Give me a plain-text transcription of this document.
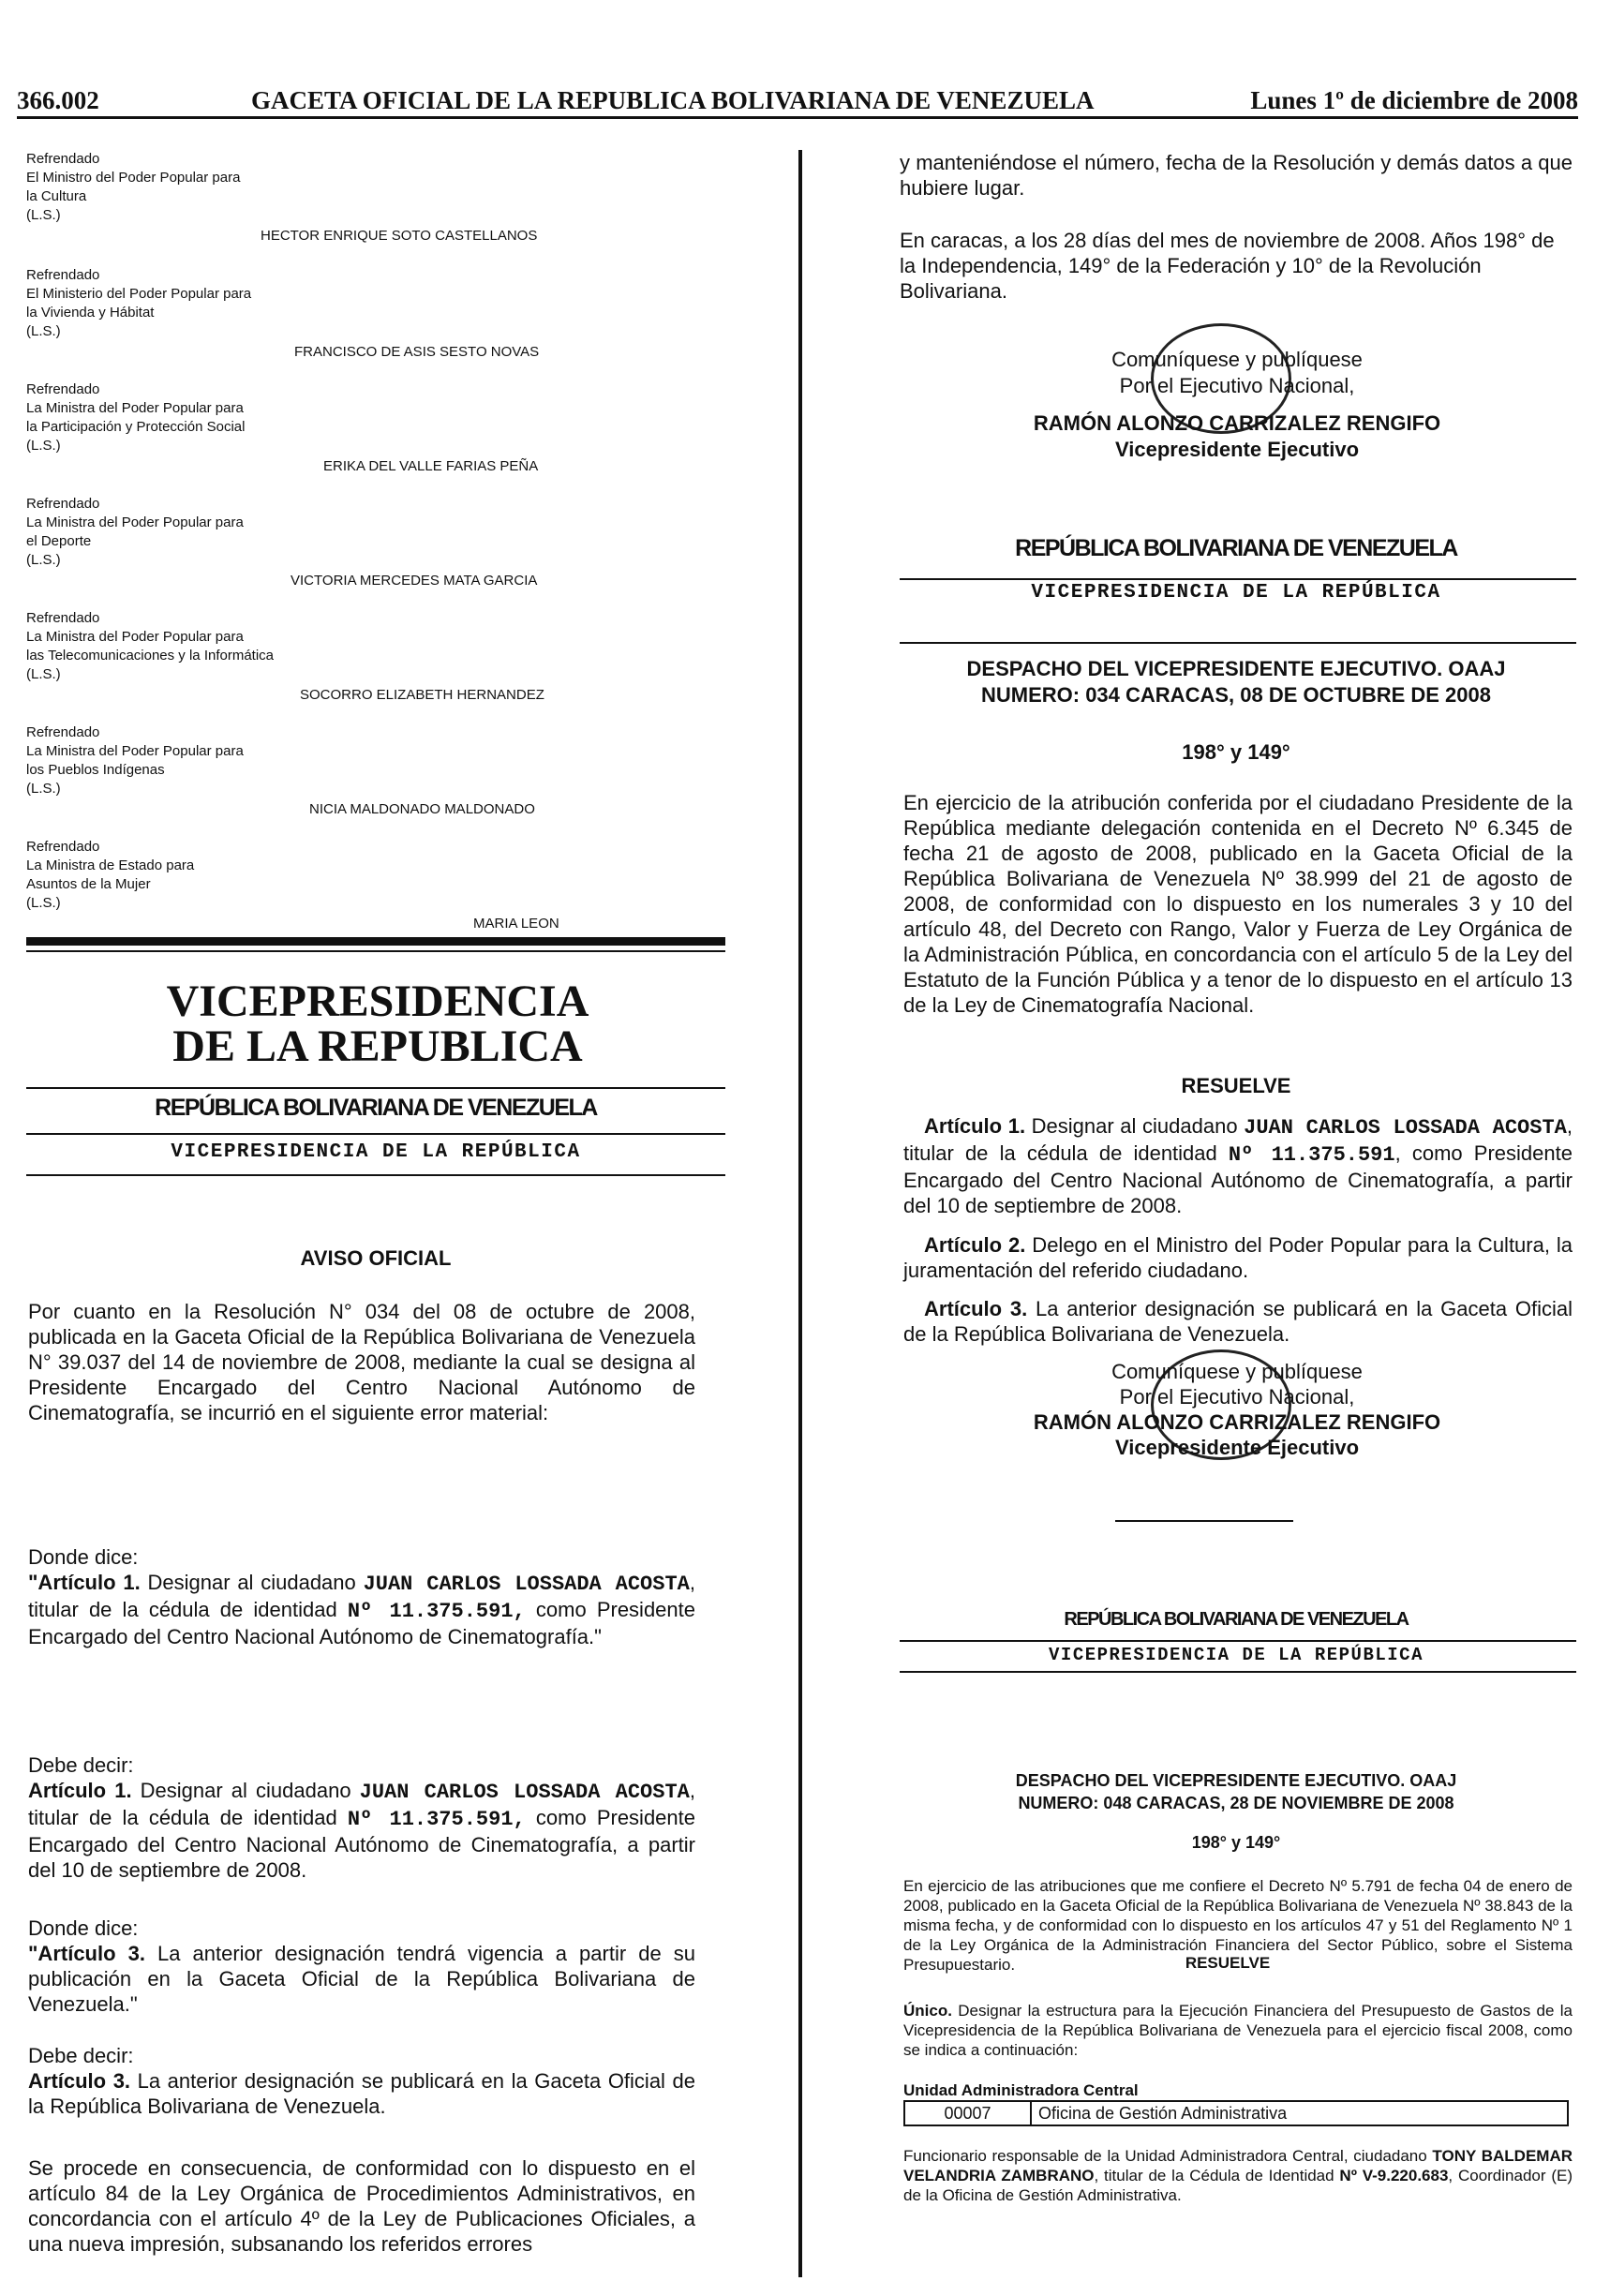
366.002	GACETA OFICIAL DE LA REPUBLICA BOLIVARIANA DE VENEZUELA	Lunes 1º de diciembre de 2008
Refrendado
El Ministro del Poder Popular para
la Cultura
(L.S.)
HECTOR ENRIQUE SOTO CASTELLANOS
Refrendado
El Ministerio del Poder Popular para
la Vivienda y Hábitat
(L.S.)
FRANCISCO DE ASIS SESTO NOVAS
Refrendado
La Ministra del Poder Popular para
la Participación y Protección Social
(L.S.)
ERIKA DEL VALLE FARIAS PEÑA
Refrendado
La Ministra del Poder Popular para
el Deporte
(L.S.)
VICTORIA MERCEDES MATA GARCIA
Refrendado
La Ministra del Poder Popular para
las Telecomunicaciones y la Informática
(L.S.)
SOCORRO ELIZABETH HERNANDEZ
Refrendado
La Ministra del Poder Popular para
los Pueblos Indígenas
(L.S.)
NICIA MALDONADO MALDONADO
Refrendado
La Ministra de Estado para
Asuntos de la Mujer
(L.S.)
MARIA LEON
VICEPRESIDENCIA
DE LA REPUBLICA
REPÚBLICA BOLIVARIANA DE VENEZUELA
VICEPRESIDENCIA DE LA REPÚBLICA
AVISO OFICIAL
Por cuanto en la Resolución N° 034 del 08 de octubre de 2008, publicada en la Gaceta Oficial de la República Bolivariana de Venezuela N° 39.037 del 14 de noviembre de 2008, mediante la cual se designa al Presidente Encargado del Centro Nacional Autónomo de Cinematografía, se incurrió en el siguiente error material:
Donde dice:
"Artículo 1. Designar al ciudadano JUAN CARLOS LOSSADA ACOSTA, titular de la cédula de identidad Nº 11.375.591, como Presidente Encargado del Centro Nacional Autónomo de Cinematografía."
Debe decir:
Artículo 1. Designar al ciudadano JUAN CARLOS LOSSADA ACOSTA, titular de la cédula de identidad Nº 11.375.591, como Presidente Encargado del Centro Nacional Autónomo de Cinematografía, a partir del 10 de septiembre de 2008.
Donde dice:
"Artículo 3. La anterior designación tendrá vigencia a partir de su publicación en la Gaceta Oficial de la República Bolivariana de Venezuela."
Debe decir:
Artículo 3. La anterior designación se publicará en la Gaceta Oficial de la República Bolivariana de Venezuela.
Se procede en consecuencia, de conformidad con lo dispuesto en el artículo 84 de la Ley Orgánica de Procedimientos Administrativos, en concordancia con el artículo 4º de la Ley de Publicaciones Oficiales, a una nueva impresión, subsanando los referidos errores
y manteniéndose el número, fecha de la Resolución y demás datos a que hubiere lugar.
En caracas, a los 28 días del mes de noviembre de 2008. Años 198° de la Independencia, 149° de la Federación y 10° de la Revolución Bolivariana.
Comuníquese y publíquese
Por el Ejecutivo Nacional,
RAMÓN ALONZO CARRIZALEZ RENGIFO
Vicepresidente Ejecutivo
REPÚBLICA BOLIVARIANA DE VENEZUELA
VICEPRESIDENCIA DE LA REPÚBLICA
DESPACHO DEL VICEPRESIDENTE EJECUTIVO. OAAJ
NUMERO: 034 CARACAS, 08 DE OCTUBRE DE 2008
198° y 149°
En ejercicio de la atribución conferida por el ciudadano Presidente de la República mediante delegación contenida en el Decreto Nº 6.345 de fecha 21 de agosto de 2008, publicado en la Gaceta Oficial de la República Bolivariana de Venezuela Nº 38.999 del 21 de agosto de 2008, de conformidad con lo dispuesto en los numerales 3 y 10 del artículo 48, del Decreto con Rango, Valor y Fuerza de Ley Orgánica de la Administración Pública, en concordancia con el artículo 5 de la Ley del Estatuto de la Función Pública y a tenor de lo dispuesto en el artículo 13 de la Ley de Cinematografía Nacional.
RESUELVE
Artículo 1. Designar al ciudadano JUAN CARLOS LOSSADA ACOSTA, titular de la cédula de identidad Nº 11.375.591, como Presidente Encargado del Centro Nacional Autónomo de Cinematografía, a partir del 10 de septiembre de 2008.
Artículo 2. Delego en el Ministro del Poder Popular para la Cultura, la juramentación del referido ciudadano.
Artículo 3. La anterior designación se publicará en la Gaceta Oficial de la República Bolivariana de Venezuela.
Comuníquese y publíquese
Por el Ejecutivo Nacional,
RAMÓN ALONZO CARRIZALEZ RENGIFO
Vicepresidente Ejecutivo
REPÚBLICA BOLIVARIANA DE VENEZUELA
VICEPRESIDENCIA DE LA REPÚBLICA
DESPACHO DEL VICEPRESIDENTE EJECUTIVO. OAAJ
NUMERO: 048 CARACAS, 28 DE NOVIEMBRE DE 2008
198° y 149°
En ejercicio de las atribuciones que me confiere el Decreto Nº 5.791 de fecha 04 de enero de 2008, publicado en la Gaceta Oficial de la República Bolivariana de Venezuela Nº 38.843 de la misma fecha, y de conformidad con lo dispuesto en los artículos 47 y 51 del Reglamento Nº 1 de la Ley Orgánica de la Administración Financiera del Sector Público, sobre el Sistema Presupuestario.	RESUELVE
Único. Designar la estructura para la Ejecución Financiera del Presupuesto de Gastos de la Vicepresidencia de la República Bolivariana de Venezuela para el ejercicio fiscal 2008, como se indica a continuación:
Unidad Administradora Central
00007	Oficina de Gestión Administrativa
Funcionario responsable de la Unidad Administradora Central, ciudadano TONY BALDEMAR VELANDRIA ZAMBRANO, titular de la Cédula de Identidad Nº V-9.220.683, Coordinador (E) de la Oficina de Gestión Administrativa.
